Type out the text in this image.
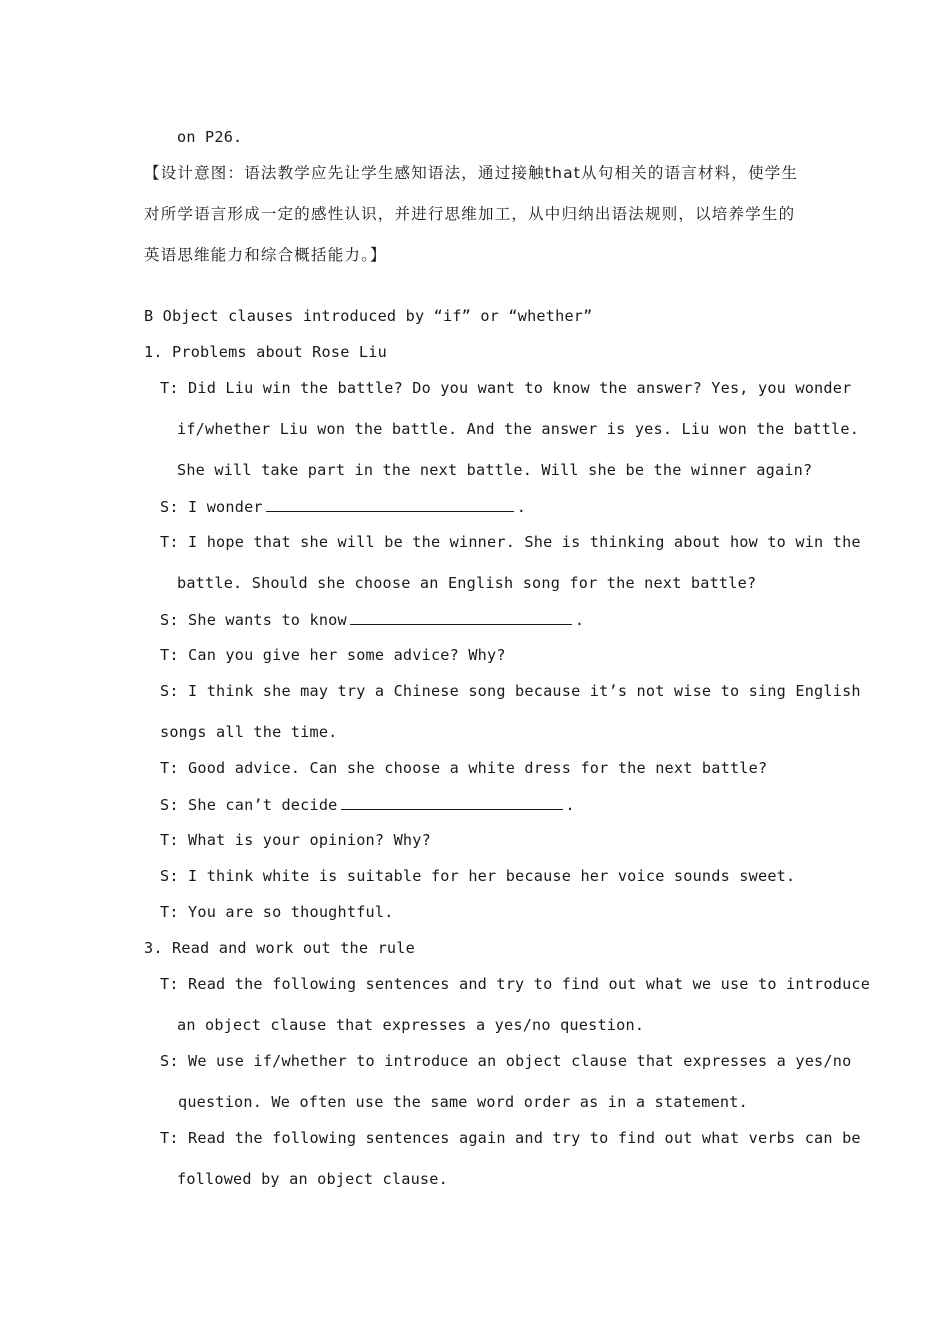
on P26.
【设计意图：语法教学应先让学生感知语法，通过接触that从句相关的语言材料，使学生
对所学语言形成一定的感性认识，并进行思维加工，从中归纳出语法规则，以培养学生的
英语思维能力和综合概括能力。】
B Object clauses introduced by “if” or “whether”
1. Problems about Rose Liu
T: Did Liu win the battle? Do you want to know the answer? Yes, you wonder
if/whether Liu won the battle. And the answer is yes. Liu won the battle.
She will take part in the next battle. Will she be the winner again?
S: I wonder	.
T: I hope that she will be the winner. She is thinking about how to win the
battle. Should she choose an English song for the next battle?
S: She wants to know	.
T: Can you give her some advice? Why?
S: I think she may try a Chinese song because it’s not wise to sing English
songs all the time.
T: Good advice. Can she choose a white dress for the next battle?
S: She can’t decide	.
T: What is your opinion? Why?
S: I think white is suitable for her because her voice sounds sweet.
T: You are so thoughtful.
3. Read and work out the rule
T: Read the following sentences and try to find out what we use to introduce
an object clause that expresses a yes/no question.
S: We use if/whether to introduce an object clause that expresses a yes/no
question. We often use the same word order as in a statement.
T: Read the following sentences again and try to find out what verbs can be
followed by an object clause.
